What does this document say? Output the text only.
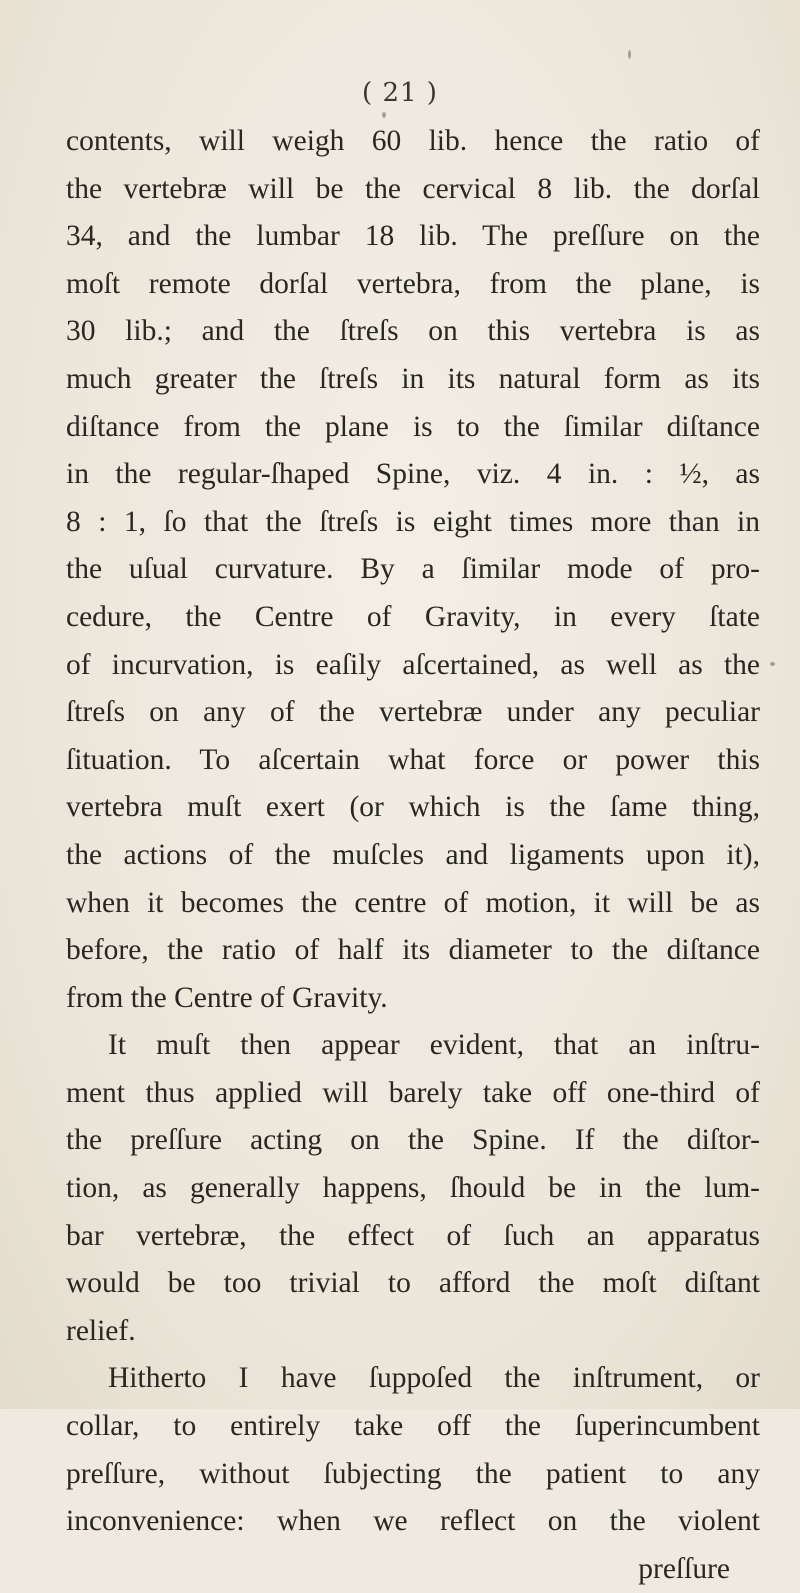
( 21 )
contents, will weigh 60 lib. hence the ratio of
the vertebræ will be the cervical 8 lib. the dorſal
34, and the lumbar 18 lib. The preſſure on the
moſt remote dorſal vertebra, from the plane, is
30 lib.; and the ſtreſs on this vertebra is as
much greater the ſtreſs in its natural form as its
diſtance from the plane is to the ſimilar diſtance
in the regular-ſhaped Spine, viz. 4 in. : ½, as
8 : 1, ſo that the ſtreſs is eight times more than in
the uſual curvature. By a ſimilar mode of pro-
cedure, the Centre of Gravity, in every ſtate
of incurvation, is eaſily aſcertained, as well as the
ſtreſs on any of the vertebræ under any peculiar
ſituation. To aſcertain what force or power this
vertebra muſt exert (or which is the ſame thing,
the actions of the muſcles and ligaments upon it),
when it becomes the centre of motion, it will be as
before, the ratio of half its diameter to the diſtance
from the Centre of Gravity.
It muſt then appear evident, that an inſtru-
ment thus applied will barely take off one-third of
the preſſure acting on the Spine. If the diſtor-
tion, as generally happens, ſhould be in the lum-
bar vertebræ, the effect of ſuch an apparatus
would be too trivial to afford the moſt diſtant
relief.
Hitherto I have ſuppoſed the inſtrument, or
collar, to entirely take off the ſuperincumbent
preſſure, without ſubjecting the patient to any
inconvenience: when we reflect on the violent
preſſure
